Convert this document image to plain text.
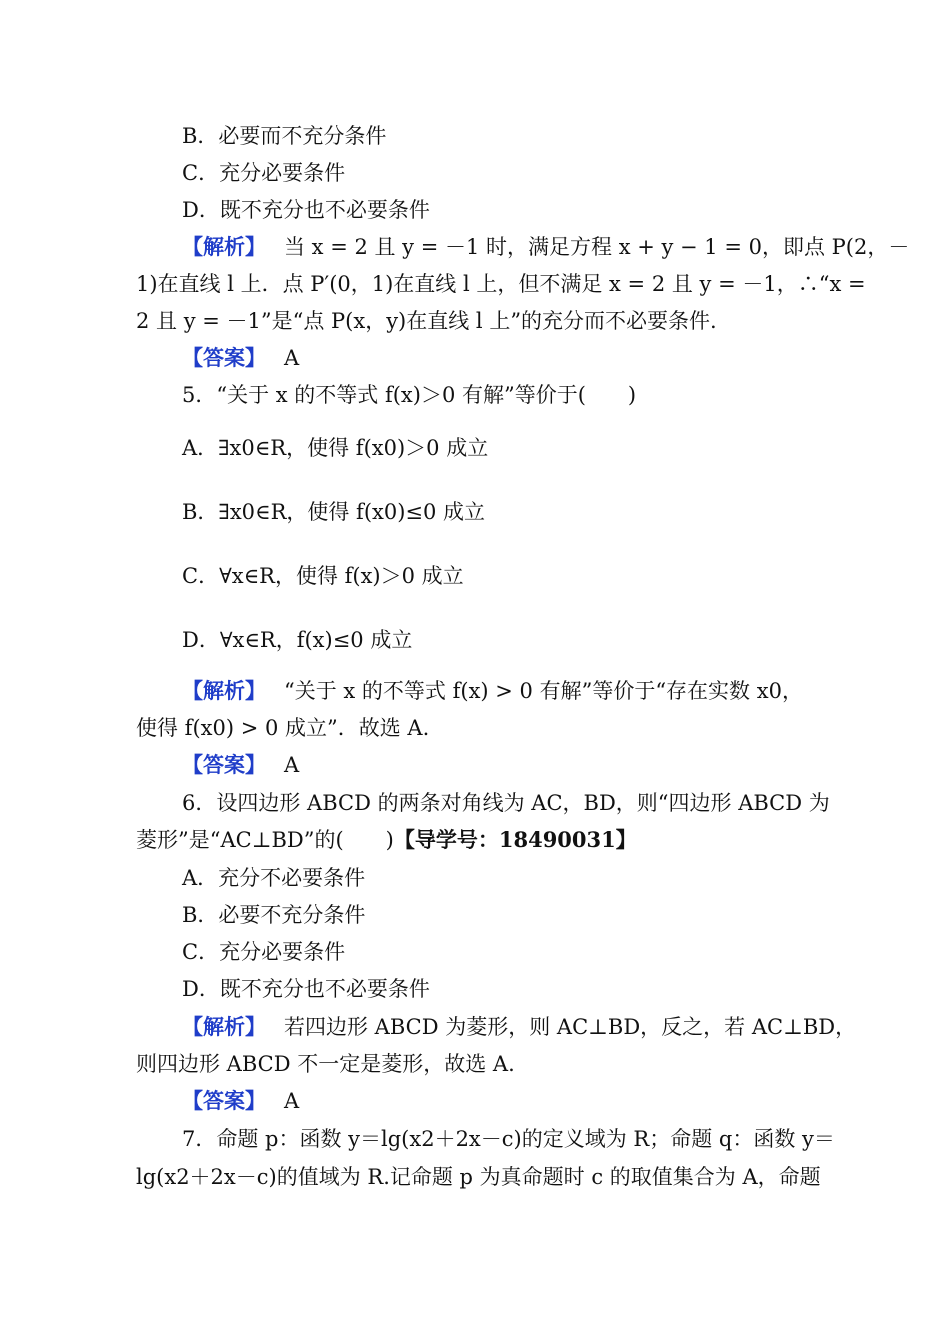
B．必要而不充分条件
C．充分必要条件
D．既不充分也不必要条件
【解析】 当 x = 2 且 y = －1 时，满足方程 x + y − 1 = 0，即点 P(2，－
1)在直线 l 上．点 P′(0，1)在直线 l 上，但不满足 x = 2 且 y = －1，∴“x =
2 且 y = －1”是“点 P(x，y)在直线 l 上”的充分而不必要条件.
【答案】 A
5．“关于 x 的不等式 f(x)＞0 有解”等价于(　　)
A．∃x0∈R，使得 f(x0)＞0 成立
B．∃x0∈R，使得 f(x0)≤0 成立
C．∀x∈R，使得 f(x)＞0 成立
D．∀x∈R，f(x)≤0 成立
【解析】 “关于 x 的不等式 f(x) > 0 有解”等价于“存在实数 x0，
使得 f(x0) > 0 成立”．故选 A.
【答案】 A
6．设四边形 ABCD 的两条对角线为 AC，BD，则“四边形 ABCD 为
菱形”是“AC⊥BD”的(　　)【导学号：18490031】
A．充分不必要条件
B．必要不充分条件
C．充分必要条件
D．既不充分也不必要条件
【解析】 若四边形 ABCD 为菱形，则 AC⊥BD，反之，若 AC⊥BD，
则四边形 ABCD 不一定是菱形，故选 A.
【答案】 A
7．命题 p：函数 y＝lg(x2＋2x－c)的定义域为 R；命题 q：函数 y＝
lg(x2＋2x－c)的值域为 R.记命题 p 为真命题时 c 的取值集合为 A，命题
